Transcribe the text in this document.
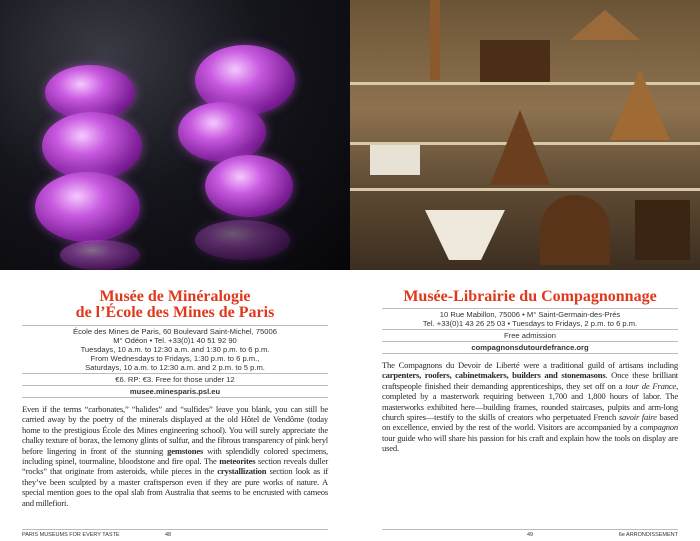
Musée de Minéralogie
de l’École des Mines de Paris
École des Mines de Paris, 60 Boulevard Saint-Michel, 75006
M° Odéon • Tel. +33(0)1 40 51 92 90
Tuesdays, 10 a.m. to 12:30 a.m. and 1:30 p.m. to 6 p.m.
From Wednesdays to Fridays, 1:30 p.m. to 6 p.m.,
Saturdays, 10 a.m. to 12:30 a.m. and 2 p.m. to 5 p.m.
€6. RP: €3. Free for those under 12
musee.minesparis.psl.eu
Even if the terms “carbonates,” “halides” and “sulfides” leave you blank, you can still be carried away by the poetry of the minerals displayed at the old Hôtel de Vendôme (today home to the prestigious École des Mines engineering school). You will surely appreciate the chalky texture of borax, the lemony glints of sulfur, and the fibrous transparency of pink beryl before lingering in front of the stunning gemstones with splendidly colored specimens, including spinel, tourmaline, bloodstone and fire opal. The meteorites section reveals duller “rocks” that originate from asteroids, while pieces in the crystallization section look as if they’ve been sculpted by a master craftsperson even if they are pure works of nature. A special mention goes to the opal slab from Australia that seems to be encrusted with cameos and millefiori.
PARIS MUSEUMS FOR EVERY TASTE	48
Musée-Librairie du Compagnonnage
10 Rue Mabillon, 75006 • M° Saint-Germain-des-Prés
Tel. +33(0)1 43 26 25 03 • Tuesdays to Fridays, 2 p.m. to 6 p.m.
Free admission
compagnonsdutourdefrance.org
The Compagnons du Devoir de Liberté were a traditional guild of artisans including carpenters, roofers, cabinetmakers, builders and stonemasons. Once these brilliant craftspeople finished their demanding apprenticeships, they set off on a tour de France, completed by a masterwork requiring between 1,700 and 1,800 hours of labor. The masterworks exhibited here—building frames, rounded staircases, pulpits and arm-long church spires—testify to the skills of creators who perpetuated French savoir faire based on excellence, envied by the rest of the world. Visitors are accompanied by a compagnon tour guide who will share his passion for his craft and explain how the tools on display are used.
49	6e ARRONDISSEMENT
